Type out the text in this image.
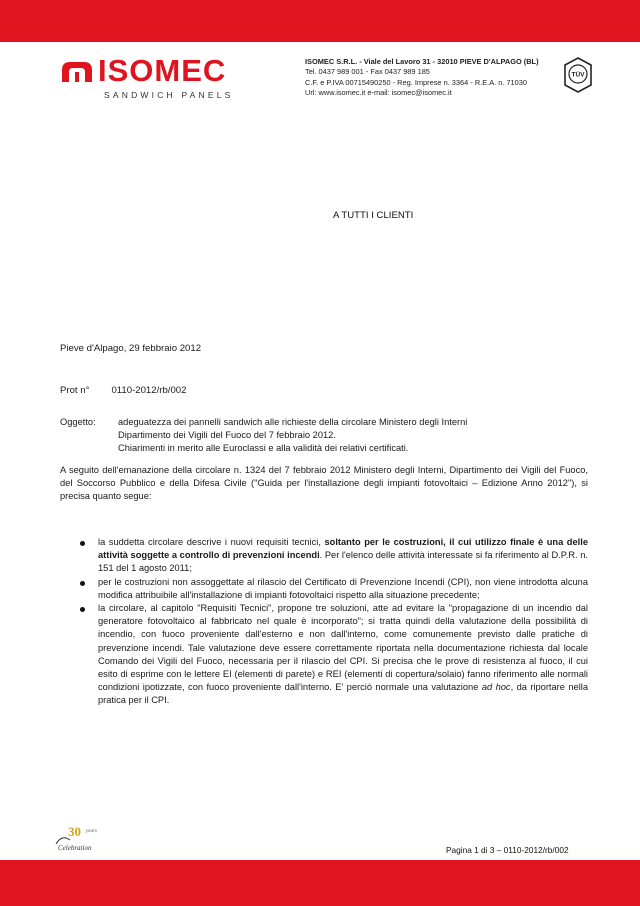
ISOMEC
SANDWICH PANELS
ISOMEC S.R.L. - Viale del Lavoro 31 - 32010 PIEVE D'ALPAGO (BL)
Tel. 0437 989 001 - Fax 0437 989 185
C.F. e P.IVA 00715490250 - Reg. Imprese n. 3364 - R.E.A. n. 71030
Url: www.isomec.it e-mail: isomec@isomec.it
TÜV
A TUTTI I CLIENTI
Pieve d'Alpago, 29 febbraio 2012
Prot n° 0110-2012/rb/002
Oggetto: adeguatezza dei pannelli sandwich alle richieste della circolare Ministero degli Interni
Dipartimento dei Vigili del Fuoco del 7 febbraio 2012.
Chiarimenti in merito alle Euroclassi e alla validità dei relativi certificati.
A seguito dell'emanazione della circolare n. 1324 del 7 febbraio 2012 Ministero degli Interni, Dipartimento dei Vigili del Fuoco, del Soccorso Pubblico e della Difesa Civile ("Guida per l'installazione degli impianti fotovoltaici – Edizione Anno 2012"), si precisa quanto segue:
la suddetta circolare descrive i nuovi requisiti tecnici, soltanto per le costruzioni, il cui utilizzo finale è una delle attività soggette a controllo di prevenzioni incendi. Per l'elenco delle attività interessate si fa riferimento al D.P.R. n. 151 del 1 agosto 2011;
per le costruzioni non assoggettate al rilascio del Certificato di Prevenzione Incendi (CPI), non viene introdotta alcuna modifica attribuibile all'installazione di impianti fotovoltaici rispetto alla situazione precedente;
la circolare, al capitolo "Requisiti Tecnici", propone tre soluzioni, atte ad evitare la "propagazione di un incendio dal generatore fotovoltaico al fabbricato nel quale è incorporato"; si tratta quindi della valutazione della possibilità di incendio, con fuoco proveniente dall'esterno e non dall'interno, come comunemente previsto dalle pratiche di prevenzione incendi. Tale valutazione deve essere correttamente riportata nella documentazione richiesta dal locale Comando dei Vigili del Fuoco, necessaria per il rilascio del CPI. Si precisa che le prove di resistenza al fuoco, il cui esito di esprime con le lettere EI (elementi di parete) e REI (elementi di copertura/solaio) fanno riferimento alle normali condizioni ipotizzate, con fuoco proveniente dall'interno. E' perciò normale una valutazione ad hoc, da riportare nella pratica per il CPI.
30 years
Celebration	Pagina 1 di 3 – 0110-2012/rb/002
